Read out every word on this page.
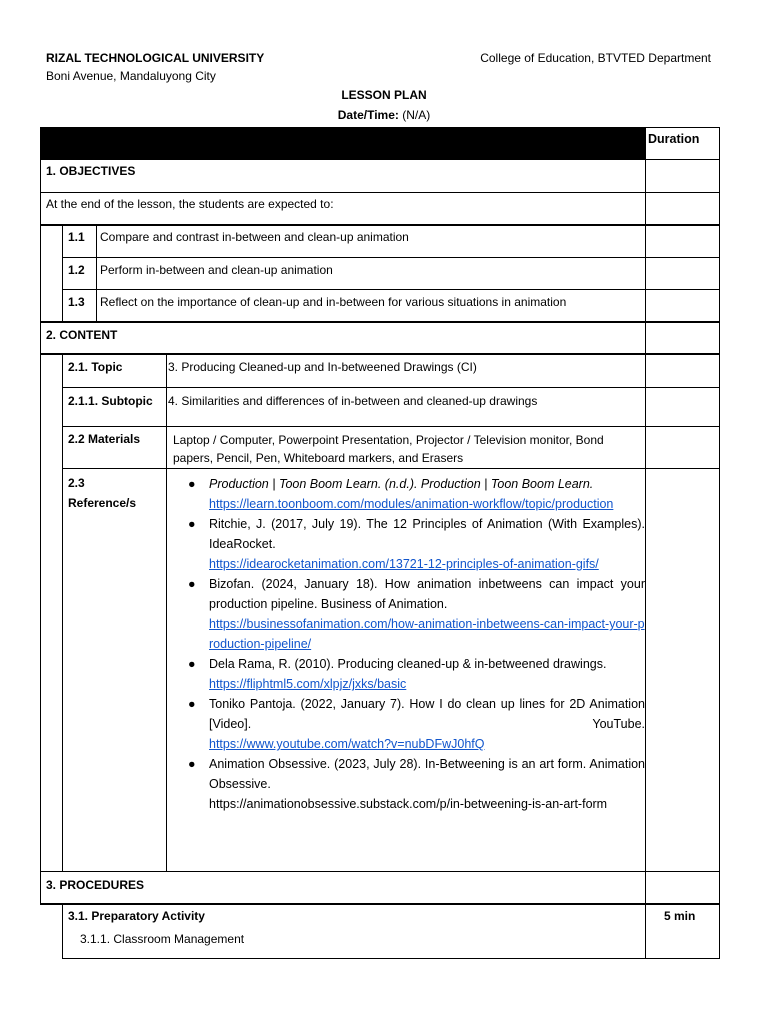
RIZAL TECHNOLOGICAL UNIVERSITY
Boni Avenue, Mandaluyong City
College of Education, BTVTED Department
LESSON PLAN
Date/Time: (N/A)
Duration
1. OBJECTIVES
At the end of the lesson, the students are expected to:
1.1 Compare and contrast in-between and clean-up animation
1.2 Perform in-between and clean-up animation
1.3 Reflect on the importance of clean-up and in-between for various situations in animation
2. CONTENT
2.1. Topic	3. Producing Cleaned-up and In-betweened Drawings (CI)
2.1.1. Subtopic 4. Similarities and differences of in-between and cleaned-up drawings
2.2 Materials	Laptop / Computer, Powerpoint Presentation, Projector / Television monitor, Bond papers, Pencil, Pen, Whiteboard markers, and Erasers
2.3
Reference/s
● Production | Toon Boom Learn. (n.d.). Production | Toon Boom Learn.
https://learn.toonboom.com/modules/animation-workflow/topic/production
● Ritchie, J. (2017, July 19). The 12 Principles of Animation (With Examples). IdeaRocket.
https://idearocketanimation.com/13721-12-principles-of-animation-gifs/
● Bizofan. (2024, January 18). How animation inbetweens can impact your production pipeline. Business of Animation.
https://businessofanimation.com/how-animation-inbetweens-can-impact-your-production-pipeline/
● Dela Rama, R. (2010). Producing cleaned-up & in-betweened drawings.
https://fliphtml5.com/xlpjz/jxks/basic
● Toniko Pantoja. (2022, January 7). How I do clean up lines for 2D Animation [Video]. YouTube.
https://www.youtube.com/watch?v=nubDFwJ0hfQ
● Animation Obsessive. (2023, July 28). In-Betweening is an art form. Animation Obsessive.
https://animationobsessive.substack.com/p/in-betweening-is-an-art-form
3. PROCEDURES
3.1. Preparatory Activity	5 min
3.1.1. Classroom Management
